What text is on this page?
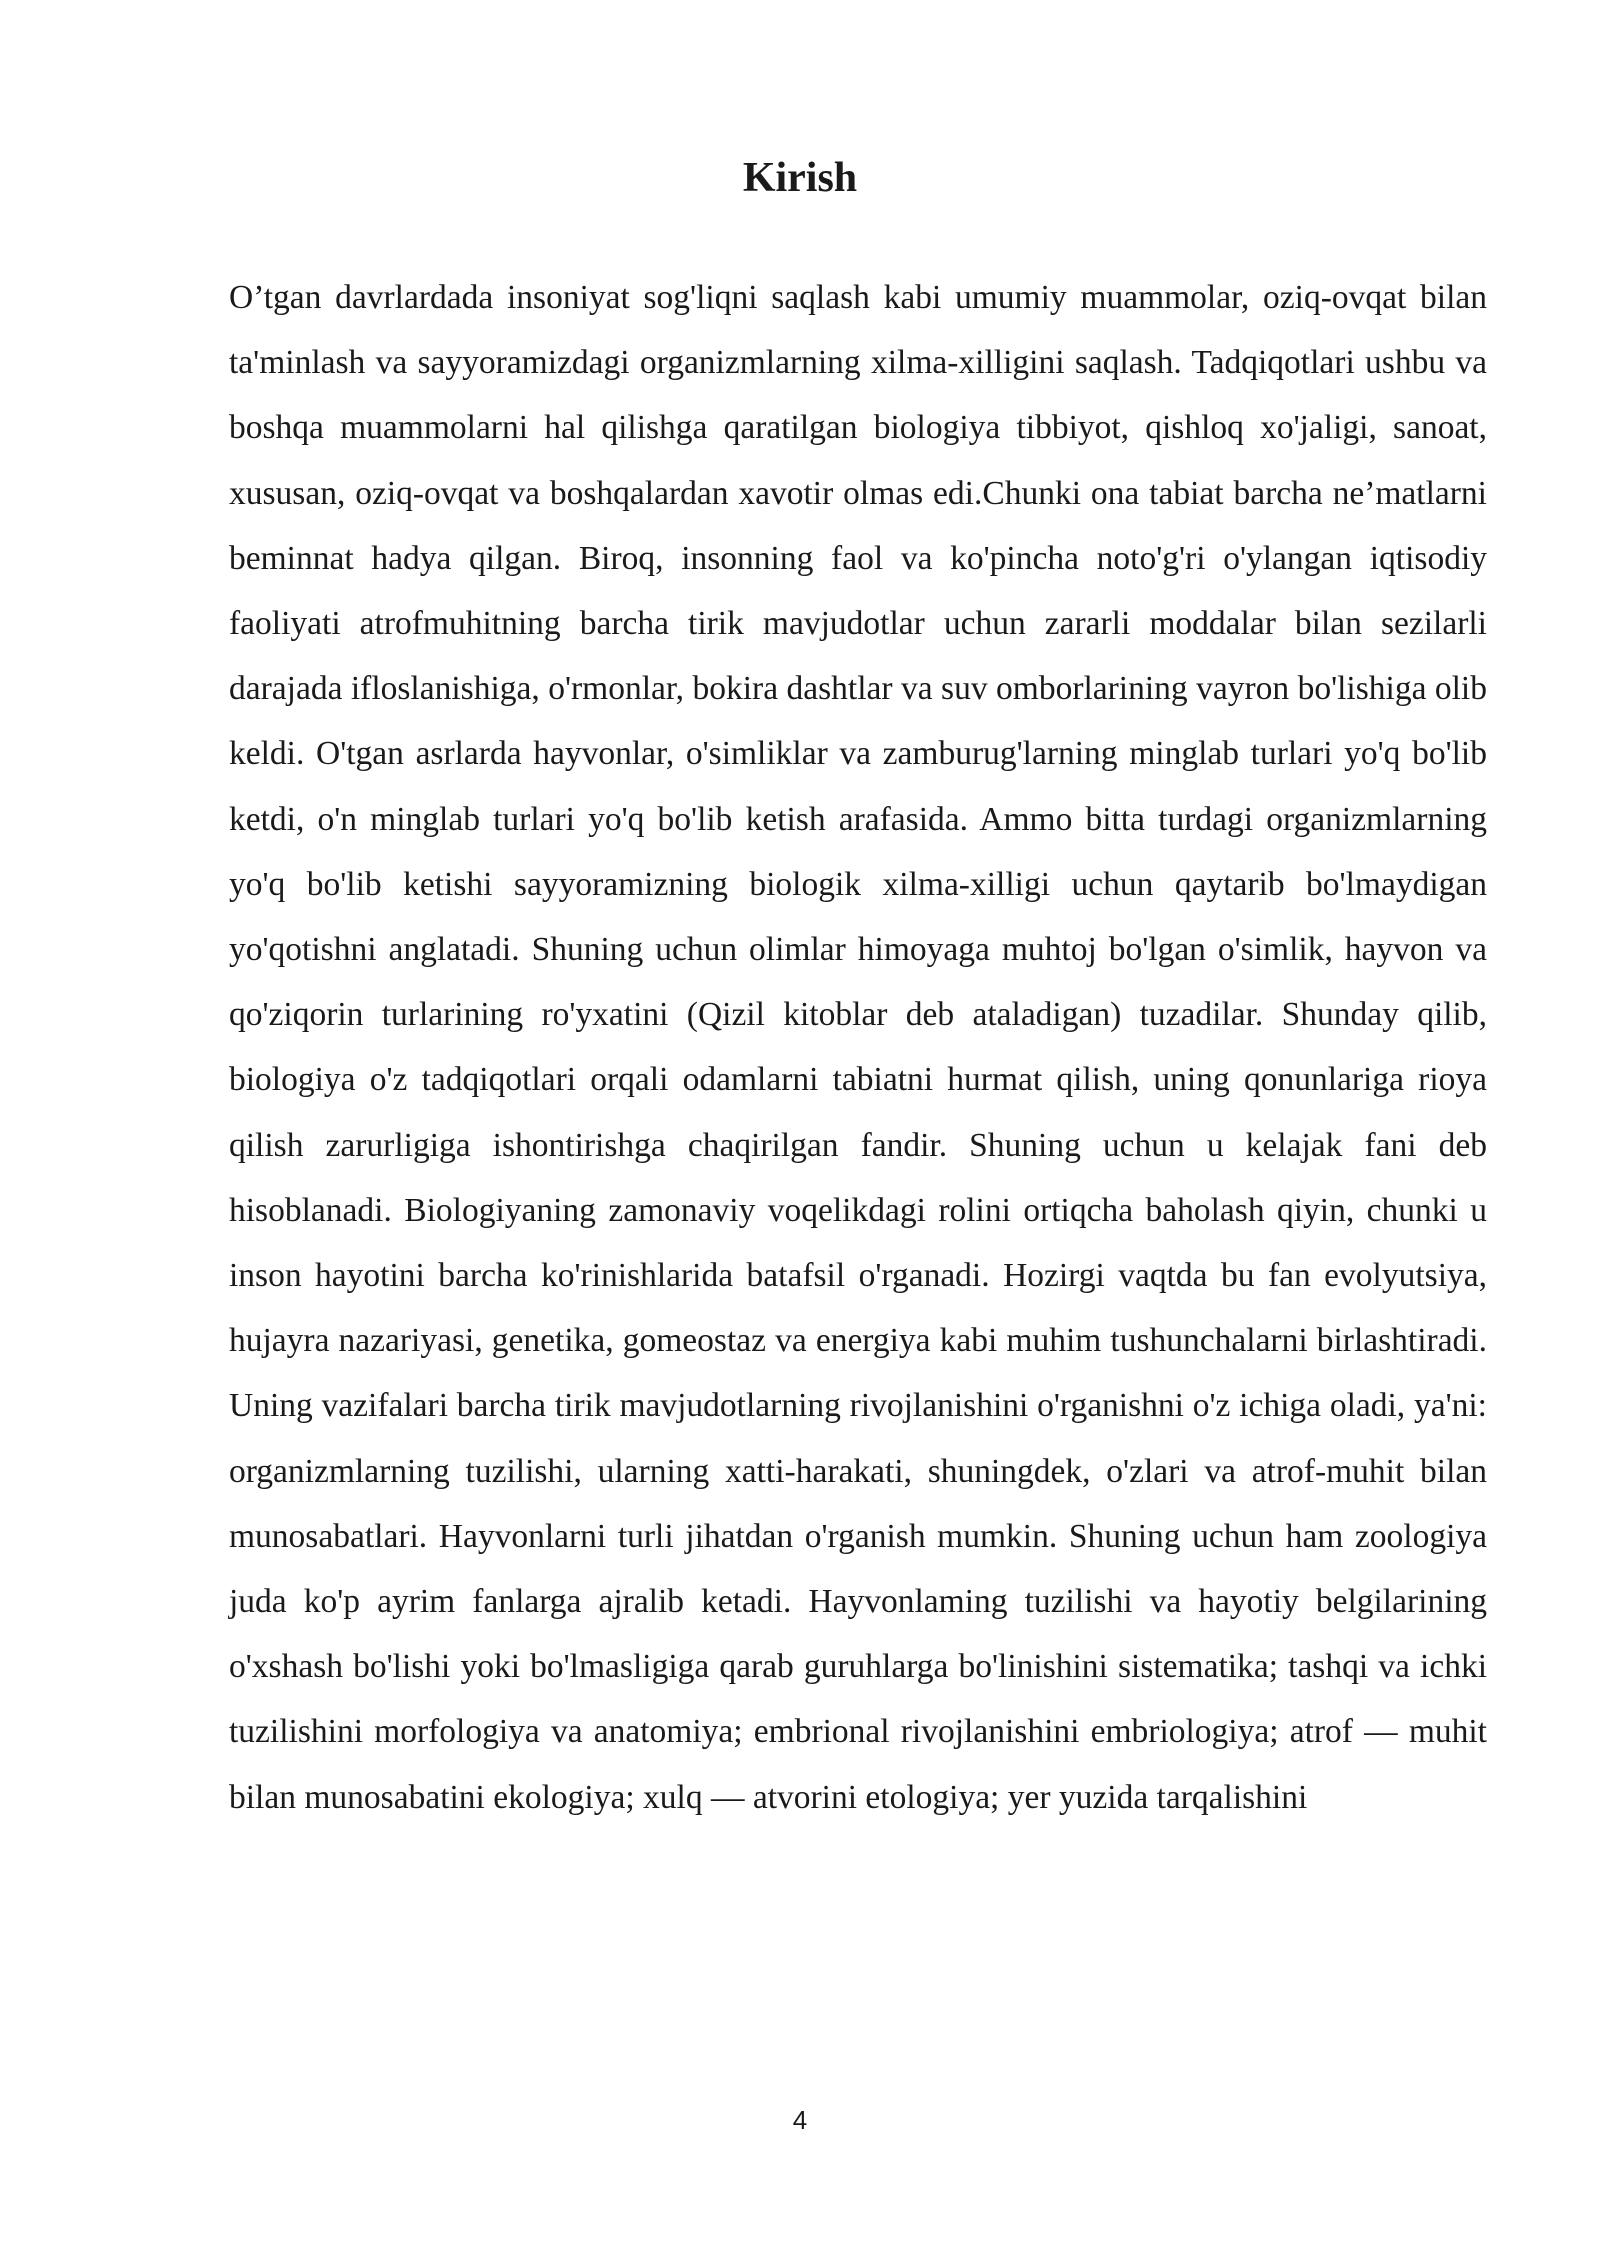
Kirish

O’tgan davrlardada insoniyat sog'liqni saqlash kabi umumiy muammolar, oziq-ovqat bilan ta'minlash va sayyoramizdagi organizmlarning xilma-xilligini saqlash. Tadqiqotlari ushbu va boshqa muammolarni hal qilishga qaratilgan biologiya tibbiyot, qishloq xo'jaligi, sanoat, xususan, oziq-ovqat va boshqalardan xavotir olmas edi.Chunki ona tabiat barcha ne’matlarni beminnat hadya qilgan. Biroq, insonning faol va ko'pincha noto'g'ri o'ylangan iqtisodiy faoliyati atrofmuhitning barcha tirik mavjudotlar uchun zararli moddalar bilan sezilarli darajada ifloslanishiga, o'rmonlar, bokira dashtlar va suv omborlarining vayron bo'lishiga olib keldi. O'tgan asrlarda hayvonlar, o'simliklar va zamburug'larning minglab turlari yo'q bo'lib ketdi, o'n minglab turlari yo'q bo'lib ketish arafasida. Ammo bitta turdagi organizmlarning yo'q bo'lib ketishi sayyoramizning biologik xilma-xilligi uchun qaytarib bo'lmaydigan yo'qotishni anglatadi. Shuning uchun olimlar himoyaga muhtoj bo'lgan o'simlik, hayvon va qo'ziqorin turlarining ro'yxatini (Qizil kitoblar deb ataladigan) tuzadilar. Shunday qilib, biologiya o'z tadqiqotlari orqali odamlarni tabiatni hurmat qilish, uning qonunlariga rioya qilish zarurligiga ishontirishga chaqirilgan fandir. Shuning uchun u kelajak fani deb hisoblanadi. Biologiyaning zamonaviy voqelikdagi rolini ortiqcha baholash qiyin, chunki u inson hayotini barcha ko'rinishlarida batafsil o'rganadi. Hozirgi vaqtda bu fan evolyutsiya, hujayra nazariyasi, genetika, gomeostaz va energiya kabi muhim tushunchalarni birlashtiradi. Uning vazifalari barcha tirik mavjudotlarning rivojlanishini o'rganishni o'z ichiga oladi, ya'ni: organizmlarning tuzilishi, ularning xatti-harakati, shuningdek, o'zlari va atrof-muhit bilan munosabatlari. Hayvonlarni turli jihatdan o'rganish mumkin. Shuning uchun ham zoologiya juda ko'p ayrim fanlarga ajralib ketadi. Hayvonlaming tuzilishi va hayotiy belgilarining o'xshash bo'lishi yoki bo'lmasligiga qarab guruhlarga bo'linishini sistematika; tashqi va ichki tuzilishini morfologiya va anatomiya; embrional rivojlanishini embriologiya; atrof — muhit bilan munosabatini ekologiya; xulq — atvorini etologiya; yer yuzida tarqalishini

4
